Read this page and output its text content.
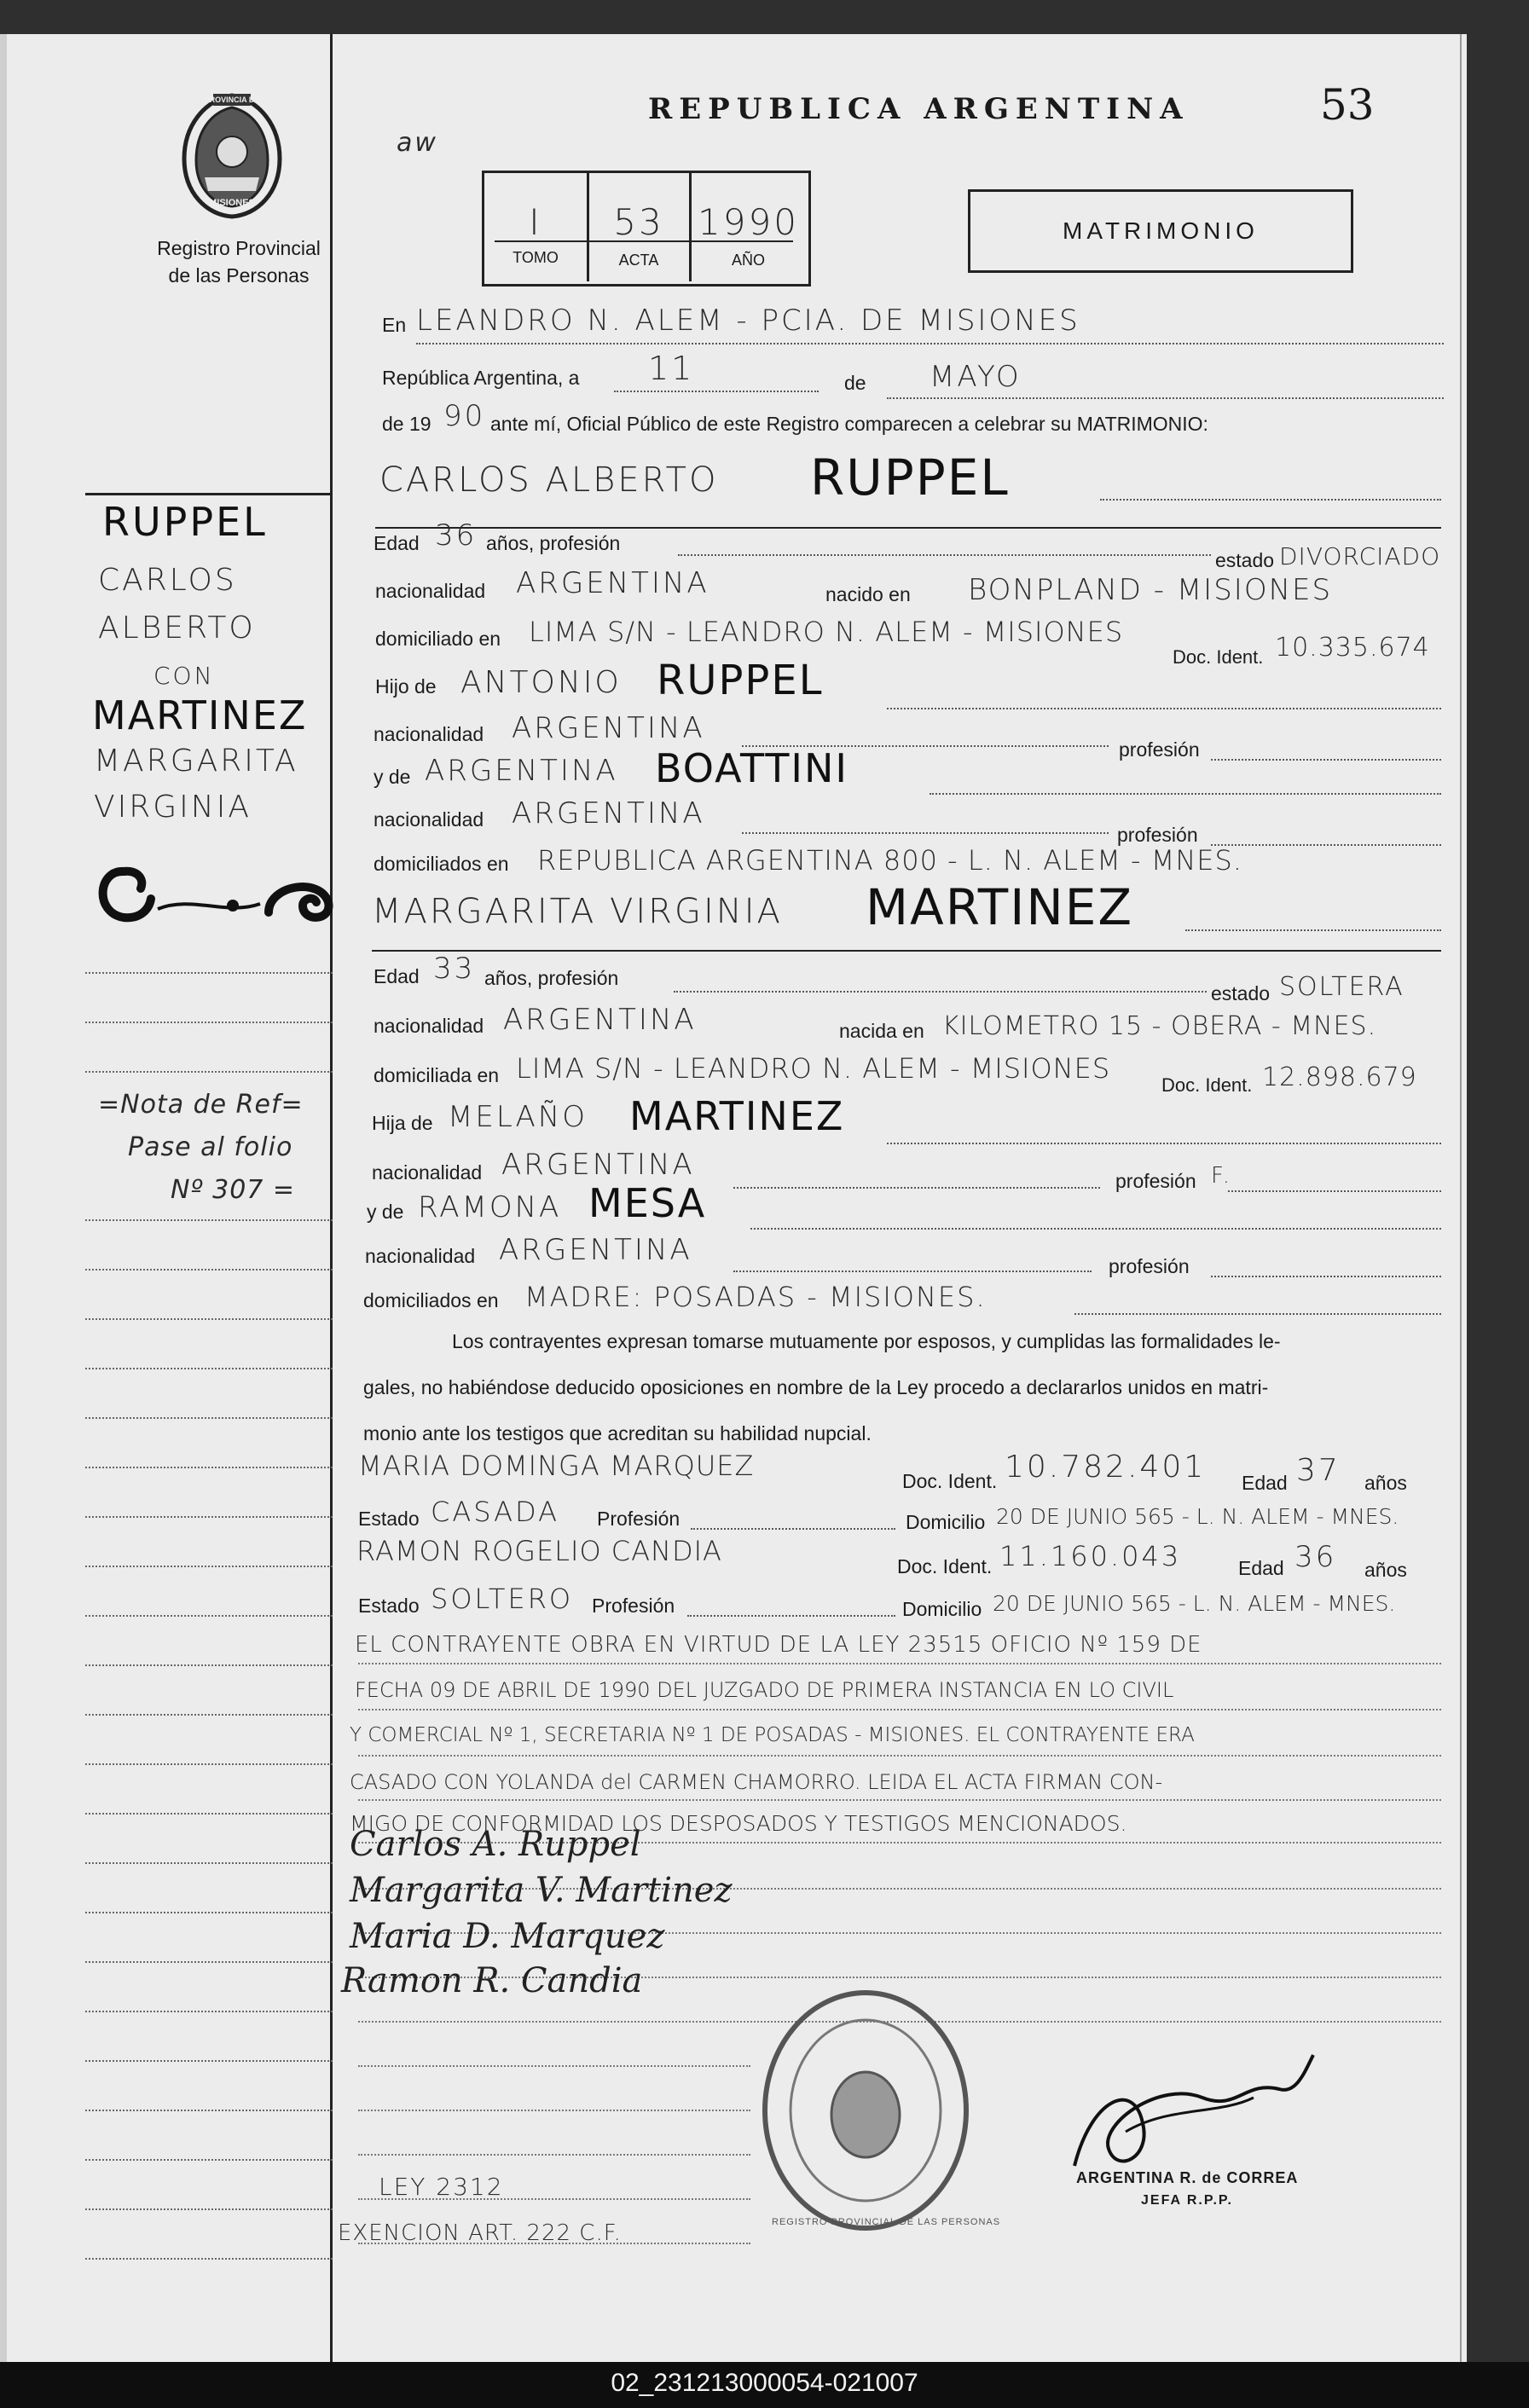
02_231213000054-021007
PROVINCIA DE
MISIONES
Registro Provincial
de las Personas
REPUBLICA ARGENTINA	53
aw
I	53 1990
TOMO	ACTA	AÑO
MATRIMONIO
RUPPEL
CARLOS
ALBERTO
CON
MARTINEZ
MARGARITA
VIRGINIA
=Nota de Ref=
Pase al folio
Nº 307 =
En LEANDRO N. ALEM - PCIA. DE MISIONES
República Argentina, a 11	de MAYO
de 19 90 ante mí, Oficial Público de este Registro comparecen a celebrar su MATRIMONIO:
CARLOS ALBERTO RUPPEL
Edad 36 años, profesión
estado DIVORCIADO
nacionalidad ARGENTINA	nacido en BONPLAND - MISIONES
domiciliado en LIMA S/N - LEANDRO N. ALEM - MISIONES
Doc. Ident. 10.335.674
Hijo de ANTONIO RUPPEL
nacionalidad ARGENTINA
profesión
y de ARGENTINA BOATTINI
nacionalidad ARGENTINA
profesión
domiciliados en REPUBLICA ARGENTINA 800 - L. N. ALEM - MNES.
MARGARITA VIRGINIA MARTINEZ
Edad 33 años, profesión
estado SOLTERA
nacionalidad ARGENTINA	nacida en KILOMETRO 15 - OBERA - MNES.
domiciliada en LIMA S/N - LEANDRO N. ALEM - MISIONES
Doc. Ident. 12.898.679
Hija de MELAÑO MARTINEZ
nacionalidad ARGENTINA	profesión F.
y de RAMONA MESA
nacionalidad ARGENTINA	profesión
domiciliados en MADRE: POSADAS - MISIONES.
Los contrayentes expresan tomarse mutuamente por esposos, y cumplidas las formalidades le-
gales, no habiéndose deducido oposiciones en nombre de la Ley procedo a declararlos unidos en matri-
monio ante los testigos que acreditan su habilidad nupcial.
MARIA DOMINGA MARQUEZ	Doc. Ident. 10.782.401 Edad 37 años
Estado CASADA Profesión	Domicilio 20 DE JUNIO 565 - L. N. ALEM - MNES.
RAMON ROGELIO CANDIA	Doc. Ident. 11.160.043	Edad 36 años
Estado SOLTERO Profesión	Domicilio 20 DE JUNIO 565 - L. N. ALEM - MNES.
EL CONTRAYENTE OBRA EN VIRTUD DE LA LEY 23515 OFICIO Nº 159 DE
FECHA 09 DE ABRIL DE 1990 DEL JUZGADO DE PRIMERA INSTANCIA EN LO CIVIL
Y COMERCIAL Nº 1, SECRETARIA Nº 1 DE POSADAS - MISIONES. EL CONTRAYENTE ERA
CASADO CON YOLANDA del CARMEN CHAMORRO. LEIDA EL ACTA FIRMAN CON-
MIGO DE CONFORMIDAD LOS DESPOSADOS Y TESTIGOS MENCIONADOS.
Carlos A. Ruppel
Margarita V. Martinez
Maria D. Marquez
Ramon R. Candia
REGISTRO PROVINCIAL DE LAS PERSONAS
ARGENTINA R. de CORREA
JEFA R.P.P.
LEY 2312
EXENCION ART. 222 C.F.
